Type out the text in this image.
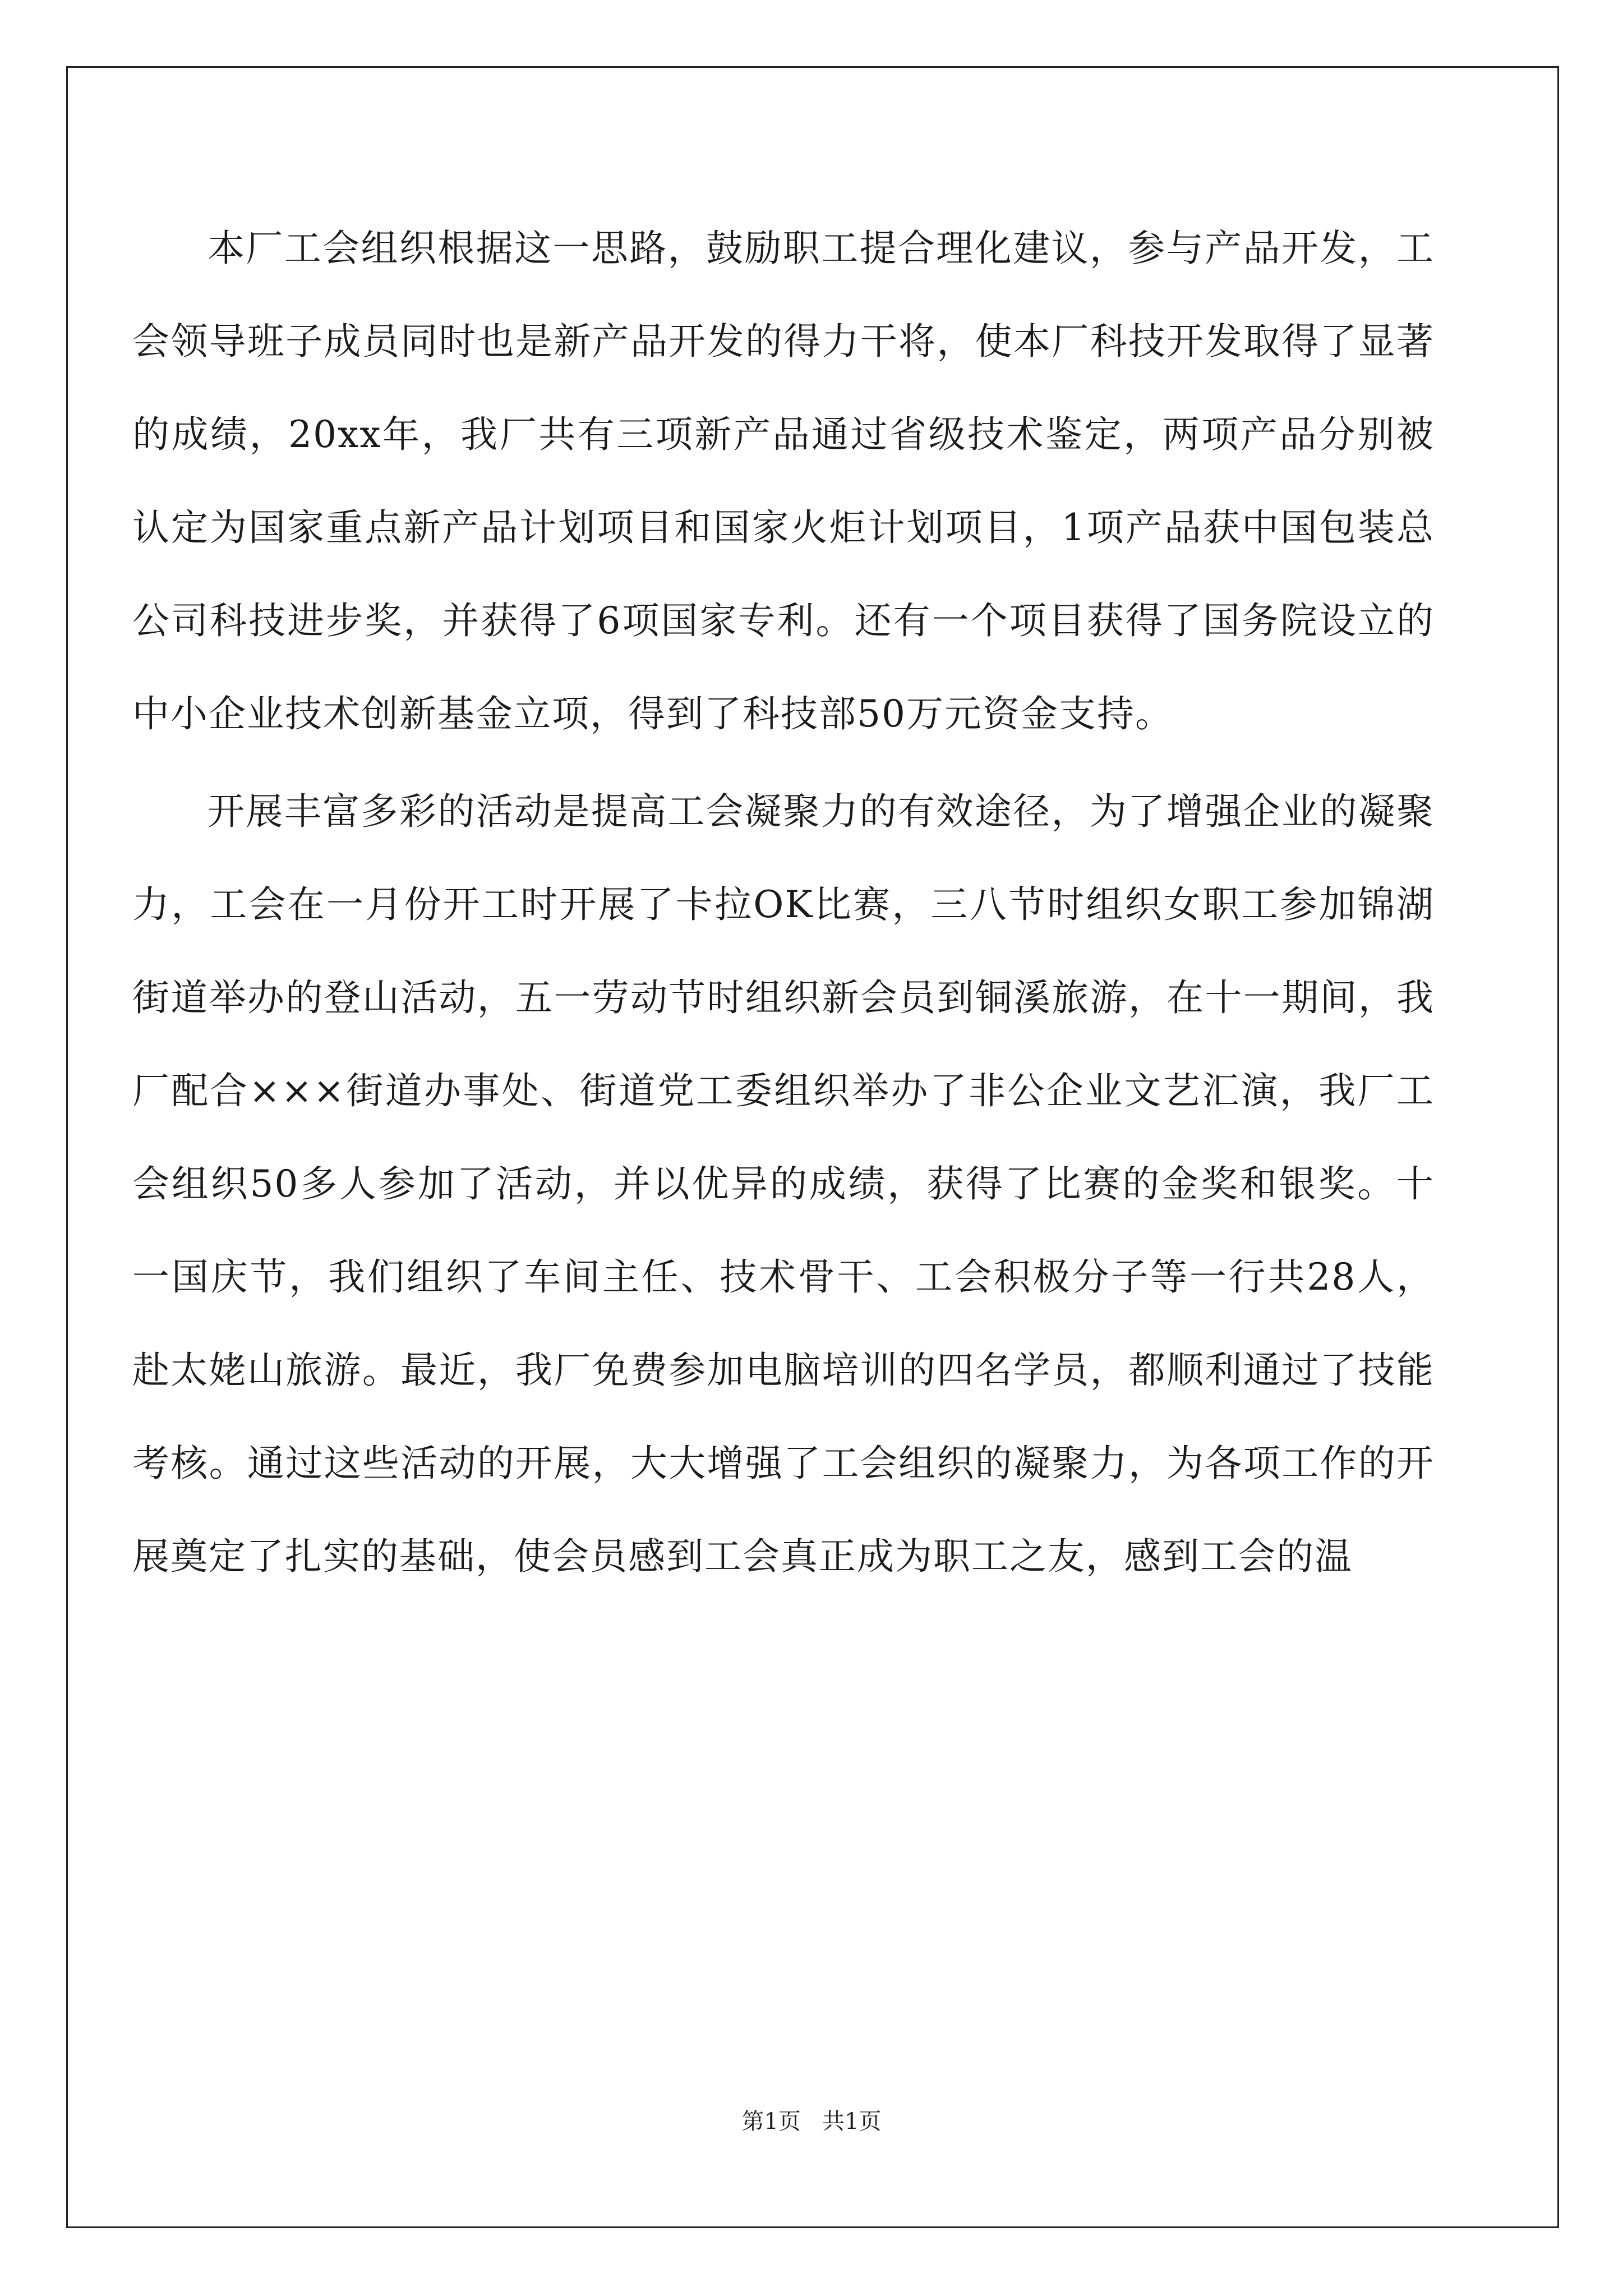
本厂工会组织根据这一思路，鼓励职工提合理化建议，参与产品开发，工会领导班子成员同时也是新产品开发的得力干将，使本厂科技开发取得了显著的成绩，20xx年，我厂共有三项新产品通过省级技术鉴定，两项产品分别被认定为国家重点新产品计划项目和国家火炬计划项目，1项产品获中国包装总公司科技进步奖，并获得了6项国家专利。还有一个项目获得了国务院设立的中小企业技术创新基金立项，得到了科技部50万元资金支持。

开展丰富多彩的活动是提高工会凝聚力的有效途径，为了增强企业的凝聚力，工会在一月份开工时开展了卡拉OK比赛，三八节时组织女职工参加锦湖街道举办的登山活动，五一劳动节时组织新会员到铜溪旅游，在十一期间，我厂配合×××街道办事处、街道党工委组织举办了非公企业文艺汇演，我厂工会组织50多人参加了活动，并以优异的成绩，获得了比赛的金奖和银奖。十一国庆节，我们组织了车间主任、技术骨干、工会积极分子等一行共28人，赴太姥山旅游。最近，我厂免费参加电脑培训的四名学员，都顺利通过了技能考核。通过这些活动的开展，大大增强了工会组织的凝聚力，为各项工作的开展奠定了扎实的基础，使会员感到工会真正成为职工之友，感到工会的温

第1页   共1页
